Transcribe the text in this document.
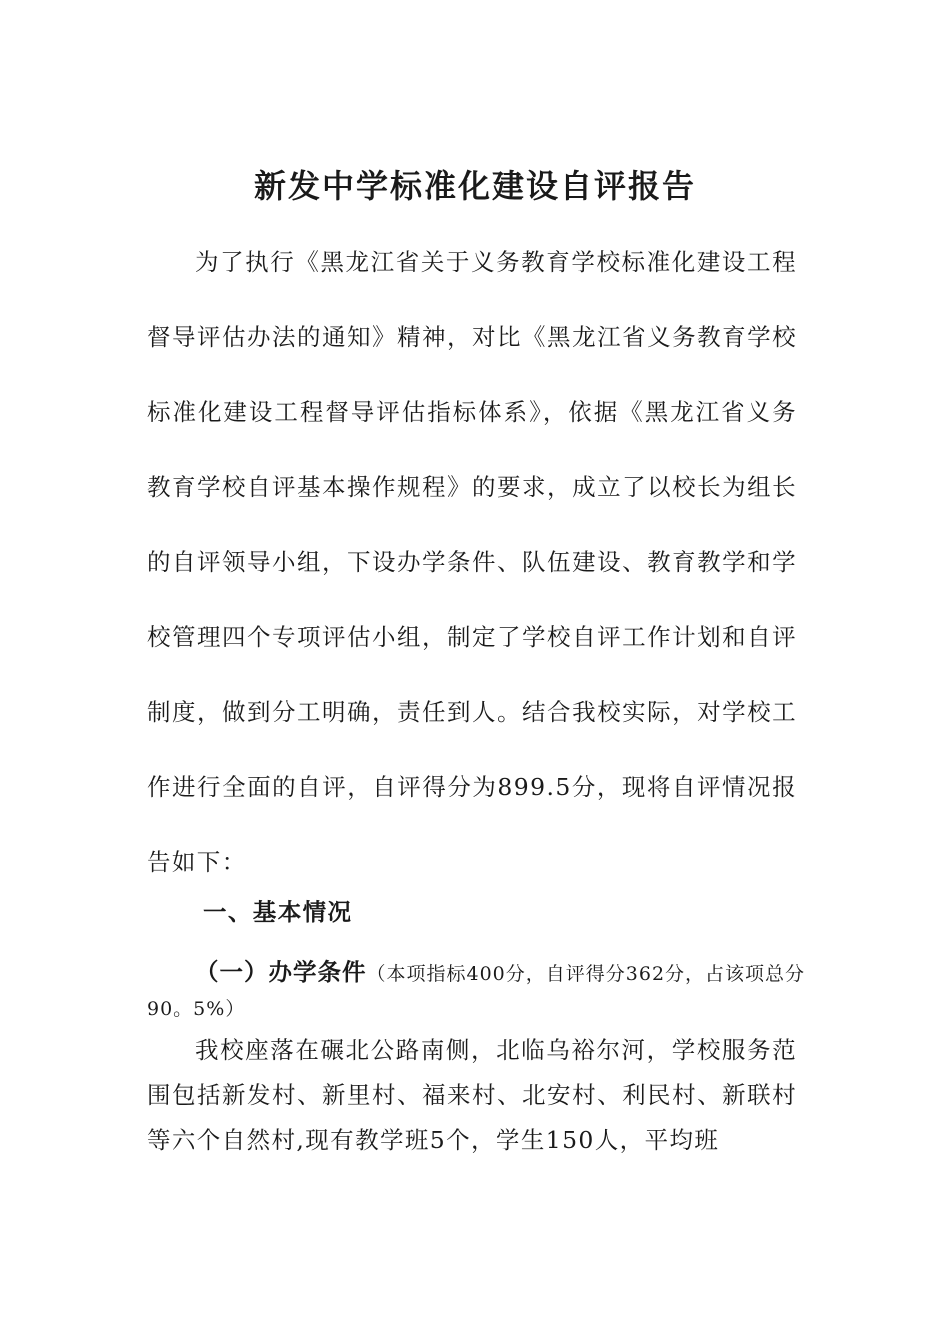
新发中学标准化建设自评报告

为了执行《黑龙江省关于义务教育学校标准化建设工程督导评估办法的通知》精神，对比《黑龙江省义务教育学校标准化建设工程督导评估指标体系》，依据《黑龙江省义务教育学校自评基本操作规程》的要求，成立了以校长为组长的自评领导小组，下设办学条件、队伍建设、教育教学和学校管理四个专项评估小组，制定了学校自评工作计划和自评制度，做到分工明确，责任到人。结合我校实际，对学校工作进行全面的自评，自评得分为899.5分，现将自评情况报告如下：

一、基本情况

（一）办学条件（本项指标400分，自评得分362分，占该项总分90。5%）

我校座落在碾北公路南侧，北临乌裕尔河，学校服务范围包括新发村、新里村、福来村、北安村、利民村、新联村等六个自然村,现有教学班5个，学生150人，平均班
